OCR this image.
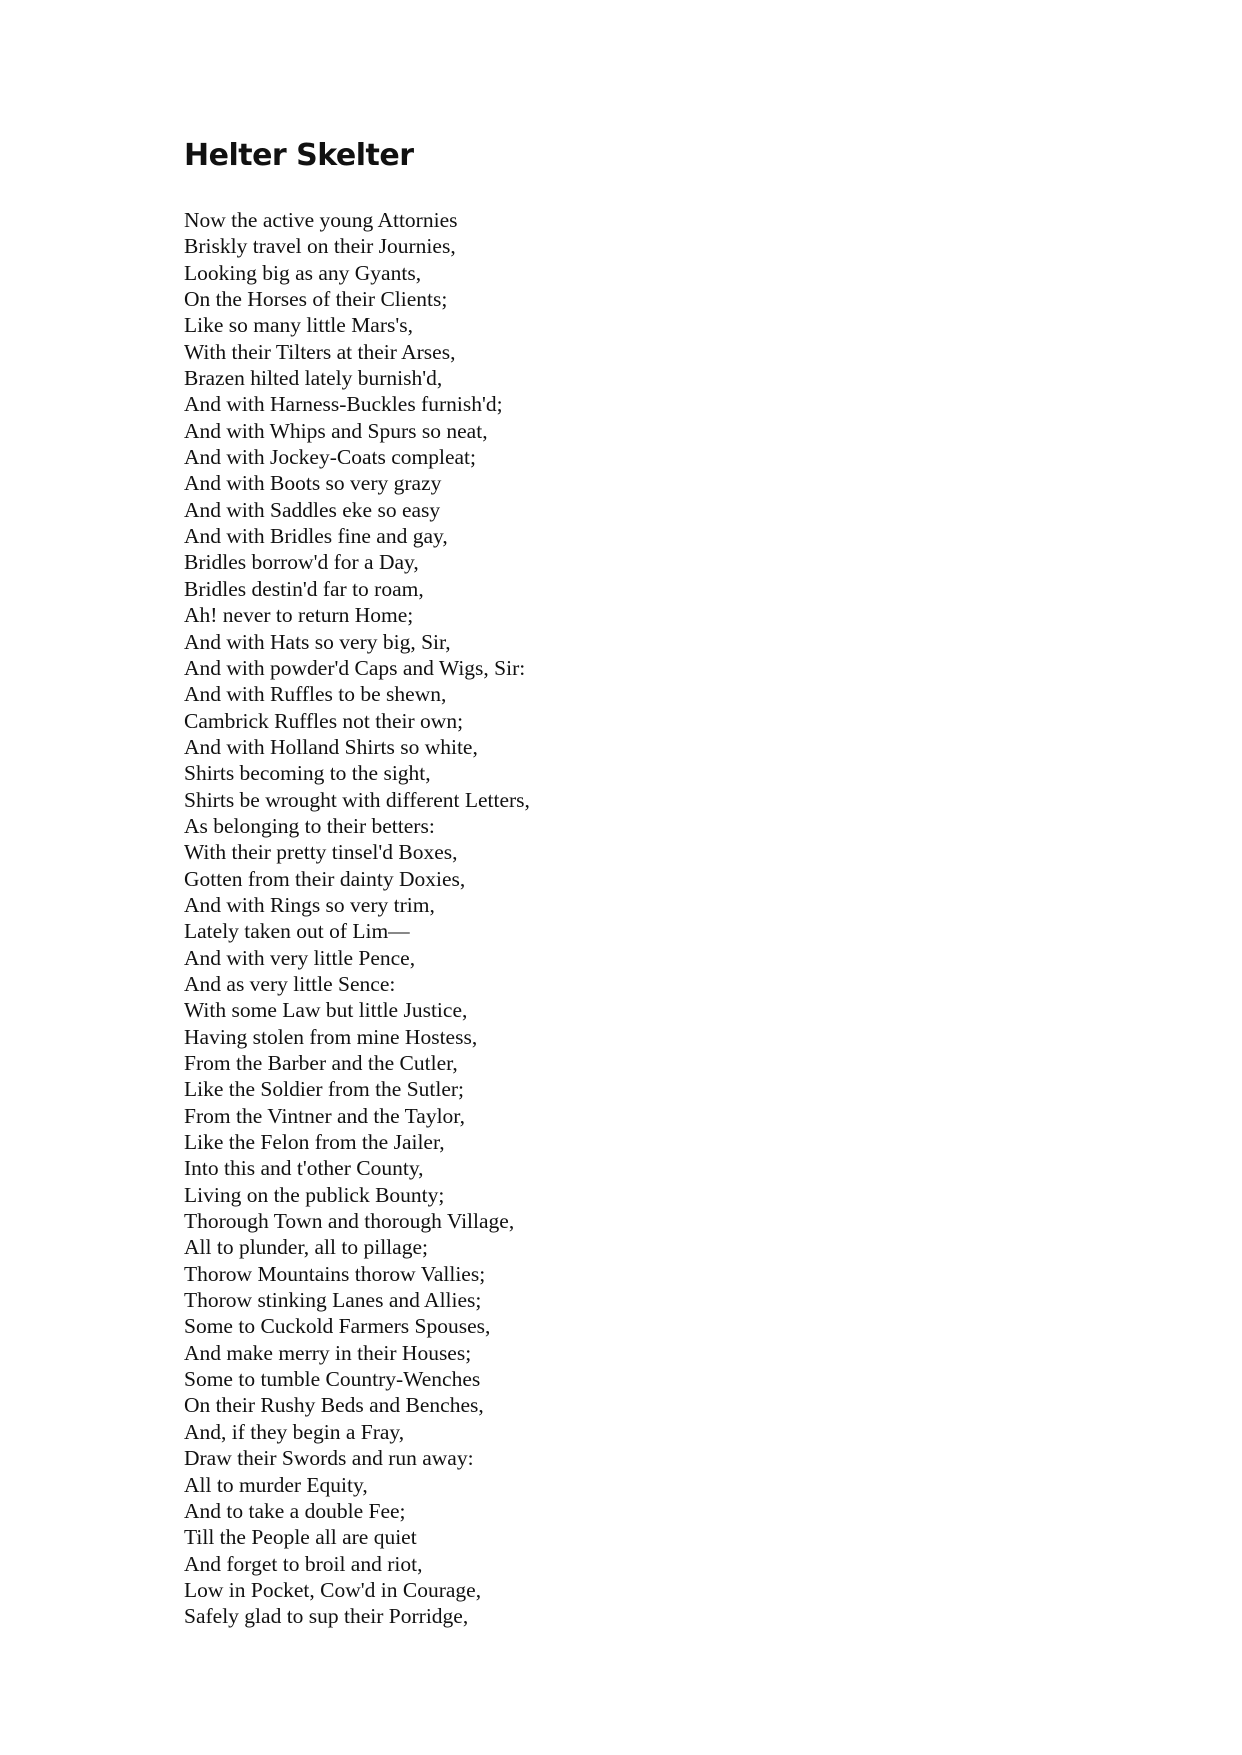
Helter Skelter
Now the active young Attornies
Briskly travel on their Journies,
Looking big as any Gyants,
On the Horses of their Clients;
Like so many little Mars's,
With their Tilters at their Arses,
Brazen hilted lately burnish'd,
And with Harness-Buckles furnish'd;
And with Whips and Spurs so neat,
And with Jockey-Coats compleat;
And with Boots so very grazy
And with Saddles eke so easy
And with Bridles fine and gay,
Bridles borrow'd for a Day,
Bridles destin'd far to roam,
Ah! never to return Home;
And with Hats so very big, Sir,
And with powder'd Caps and Wigs, Sir:
And with Ruffles to be shewn,
Cambrick Ruffles not their own;
And with Holland Shirts so white,
Shirts becoming to the sight,
Shirts be wrought with different Letters,
As belonging to their betters:
With their pretty tinsel'd Boxes,
Gotten from their dainty Doxies,
And with Rings so very trim,
Lately taken out of Lim—
And with very little Pence,
And as very little Sence:
With some Law but little Justice,
Having stolen from mine Hostess,
From the Barber and the Cutler,
Like the Soldier from the Sutler;
From the Vintner and the Taylor,
Like the Felon from the Jailer,
Into this and t'other County,
Living on the publick Bounty;
Thorough Town and thorough Village,
All to plunder, all to pillage;
Thorow Mountains thorow Vallies;
Thorow stinking Lanes and Allies;
Some to Cuckold Farmers Spouses,
And make merry in their Houses;
Some to tumble Country-Wenches
On their Rushy Beds and Benches,
And, if they begin a Fray,
Draw their Swords and run away:
All to murder Equity,
And to take a double Fee;
Till the People all are quiet
And forget to broil and riot,
Low in Pocket, Cow'd in Courage,
Safely glad to sup their Porridge,
